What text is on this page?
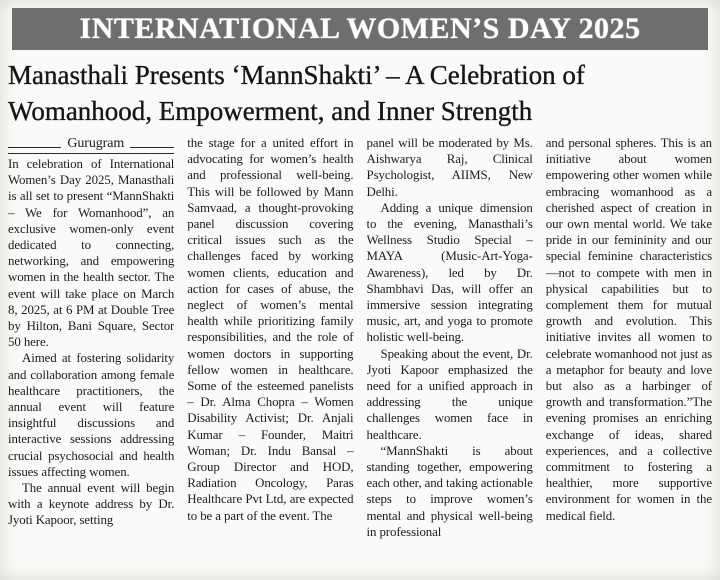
INTERNATIONAL WOMEN’S DAY 2025
Manasthali Presents ‘MannShakti’ – A Celebration of
Womanhood, Empowerment, and Inner Strength
Gurugram

In celebration of International Women’s Day 2025, Manasthali is all set to present “MannShakti – We for Womanhood”, an exclusive women-only event dedicated to connecting, networking, and empowering women in the health sector. The event will take place on March 8, 2025, at 6 PM at Double Tree by Hilton, Bani Square, Sector 50 here.

Aimed at fostering solidarity and collaboration among female healthcare practitioners, the annual event will feature insightful discussions and interactive sessions addressing crucial psychosocial and health issues affecting women.

The annual event will begin with a keynote address by Dr. Jyoti Kapoor, setting

the stage for a united effort in advocating for women’s health and professional well-being. This will be followed by Mann Samvaad, a thought-provoking panel discussion covering critical issues such as the challenges faced by working women clients, education and action for cases of abuse, the neglect of women’s mental health while prioritizing family responsibilities, and the role of women doctors in supporting fellow women in healthcare. Some of the esteemed panelists – Dr. Alma Chopra – Women Disability Activist; Dr. Anjali Kumar – Founder, Maitri Woman; Dr. Indu Bansal – Group Director and HOD, Radiation Oncology, Paras Healthcare Pvt Ltd, are expected to be a part of the event. The

panel will be moderated by Ms. Aishwarya Raj, Clinical Psychologist, AIIMS, New Delhi.

Adding a unique dimension to the evening, Manasthali’s Wellness Studio Special – MAYA (Music-Art-Yoga-Awareness), led by Dr. Shambhavi Das, will offer an immersive session integrating music, art, and yoga to promote holistic well-being.

Speaking about the event, Dr. Jyoti Kapoor emphasized the need for a unified approach in addressing the unique challenges women face in healthcare.

“MannShakti is about standing together, empowering each other, and taking actionable steps to improve women’s mental and physical well-being in professional

and personal spheres. This is an initiative about women empowering other women while embracing womanhood as a cherished aspect of creation in our own mental world. We take pride in our femininity and our special feminine characteristics—not to compete with men in physical capabilities but to complement them for mutual growth and evolution. This initiative invites all women to celebrate womanhood not just as a metaphor for beauty and love but also as a harbinger of growth and transformation.”The evening promises an enriching exchange of ideas, shared experiences, and a collective commitment to fostering a healthier, more supportive environment for women in the medical field.
